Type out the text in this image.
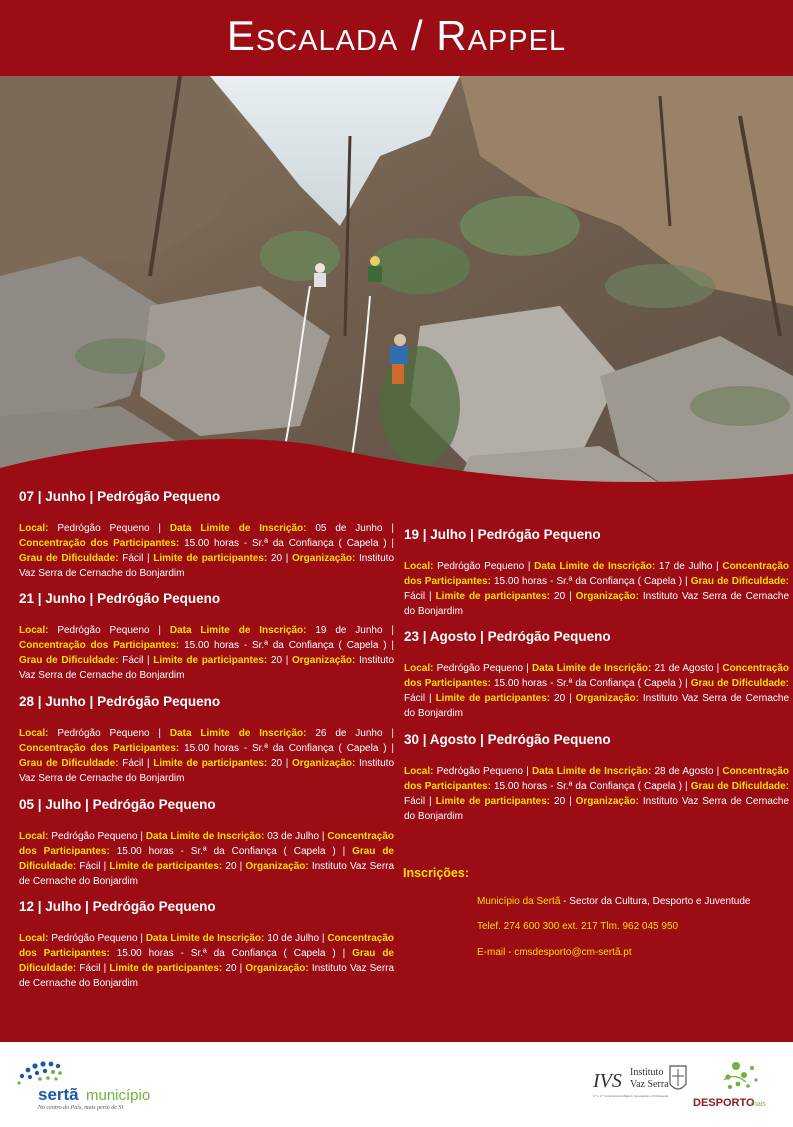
Escalada / Rappel
07 | Junho | Pedrógão Pequeno
Local: Pedrógão Pequeno | Data Limite de Inscrição: 05 de Junho | Concentração dos Participantes: 15.00 horas - Sr.ª da Confiança ( Capela ) | Grau de Dificuldade: Fácil | Limite de participantes: 20 | Organização: Instituto Vaz Serra de Cernache do Bonjardim
21 | Junho | Pedrógão Pequeno
Local: Pedrógão Pequeno | Data Limite de Inscrição: 19 de Junho | Concentração dos Participantes: 15.00 horas - Sr.ª da Confiança ( Capela ) | Grau de Dificuldade: Fácil | Limite de participantes: 20 | Organização: Instituto Vaz Serra de Cernache do Bonjardim
28 | Junho | Pedrógão Pequeno
Local: Pedrógão Pequeno | Data Limite de Inscrição: 26 de Junho | Concentração dos Participantes: 15.00 horas - Sr.ª da Confiança ( Capela ) | Grau de Dificuldade: Fácil | Limite de participantes: 20 | Organização: Instituto Vaz Serra de Cernache do Bonjardim
05 | Julho | Pedrógão Pequeno
Local: Pedrógão Pequeno | Data Limite de Inscrição: 03 de Julho | Concentração dos Participantes: 15.00 horas - Sr.ª da Confiança ( Capela ) | Grau de Dificuldade: Fácil | Limite de participantes: 20 | Organização: Instituto Vaz Serra de Cernache do Bonjardim
12 | Julho | Pedrógão Pequeno
Local: Pedrógão Pequeno | Data Limite de Inscrição: 10 de Julho | Concentração dos Participantes: 15.00 horas - Sr.ª da Confiança ( Capela ) | Grau de Dificuldade: Fácil | Limite de participantes: 20 | Organização: Instituto Vaz Serra de Cernache do Bonjardim
19 | Julho | Pedrógão Pequeno
Local: Pedrógão Pequeno | Data Limite de Inscrição: 17 de Julho | Concentração dos Participantes: 15.00 horas - Sr.ª da Confiança ( Capela ) | Grau de Dificuldade: Fácil | Limite de participantes: 20 | Organização: Instituto Vaz Serra de Cernache do Bonjardim
23 | Agosto | Pedrógão Pequeno
Local: Pedrógão Pequeno | Data Limite de Inscrição: 21 de Agosto | Concentração dos Participantes: 15.00 horas - Sr.ª da Confiança ( Capela ) | Grau de Dificuldade: Fácil | Limite de participantes: 20 | Organização: Instituto Vaz Serra de Cernache do Bonjardim
30 | Agosto | Pedrógão Pequeno
Local: Pedrógão Pequeno | Data Limite de Inscrição: 28 de Agosto | Concentração dos Participantes: 15.00 horas - Sr.ª da Confiança ( Capela ) | Grau de Dificuldade: Fácil | Limite de participantes: 20 | Organização: Instituto Vaz Serra de Cernache do Bonjardim
Inscrições:
Município da Sertã - Sector da Cultura, Desporto e Juventude
Telef. 274 600 300 ext. 217 Tlm. 962 045 950
E-mail - cmsdesporto@cm-sertã.pt
sertã município
No centro do País, mais perto de Si
IVS Instituto
Vaz Serra
2.º e 3.º Ciclos Ensino Básico, Secundário e Profissional
DESPORTO
mais
